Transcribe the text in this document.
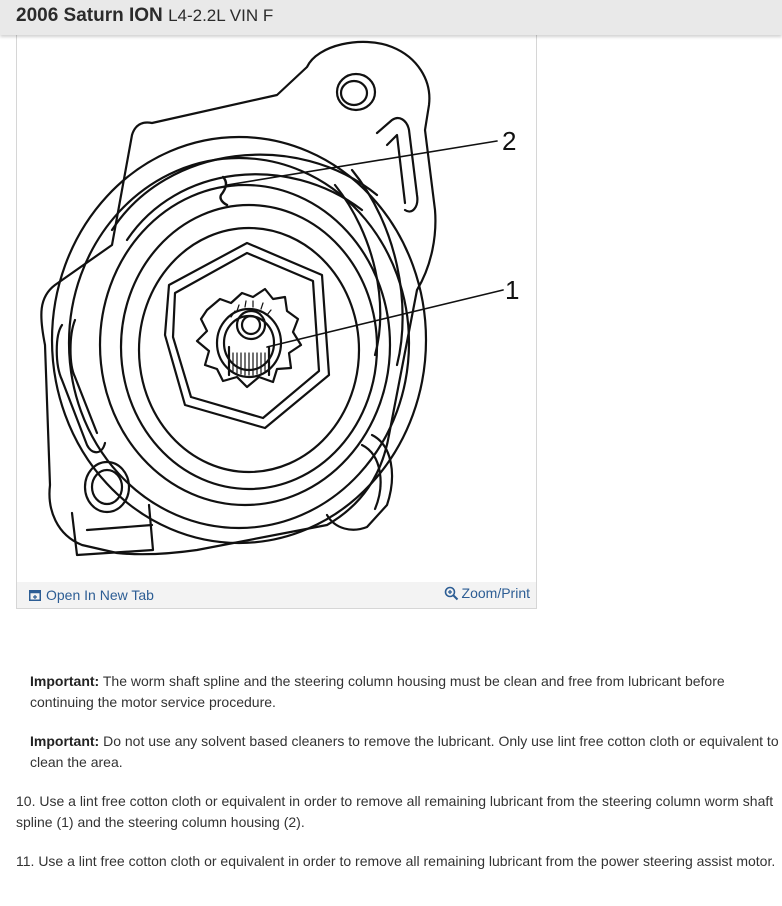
2006 Saturn ION L4-2.2L VIN F
2
1
Open In New Tab	Zoom/Print

Important: The worm shaft spline and the steering column housing must be clean and free from lubricant before continuing the motor service procedure.

Important: Do not use any solvent based cleaners to remove the lubricant. Only use lint free cotton cloth or equivalent to clean the area.

10. Use a lint free cotton cloth or equivalent in order to remove all remaining lubricant from the steering column worm shaft spline (1) and the steering column housing (2).

11. Use a lint free cotton cloth or equivalent in order to remove all remaining lubricant from the power steering assist motor.
